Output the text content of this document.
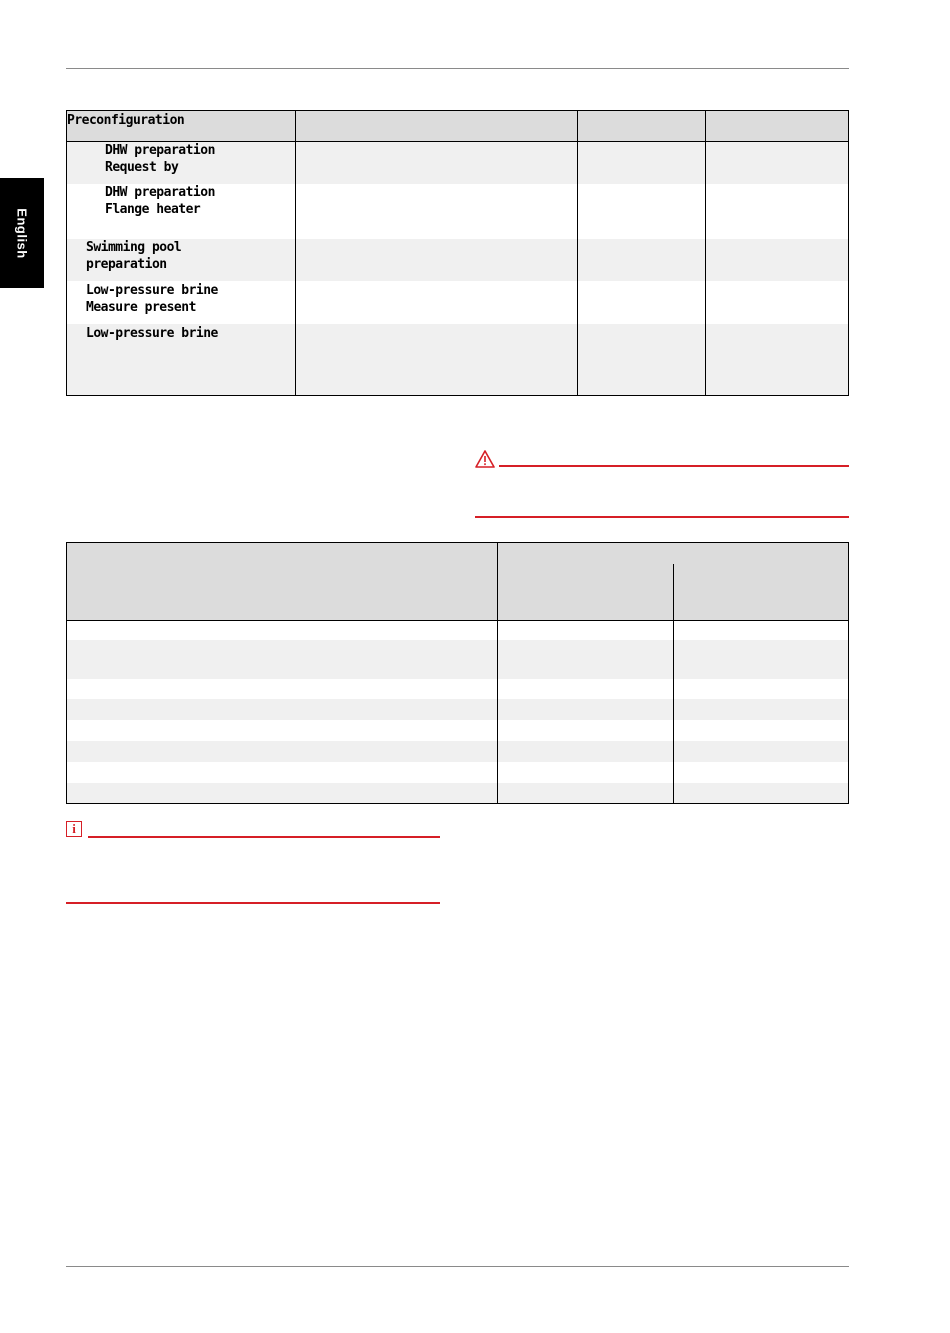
English
Preconfiguration
DHW preparation
Request by
DHW preparation
Flange heater
Swimming pool
preparation
Low-pressure brine
Measure present
Low-pressure brine
i
